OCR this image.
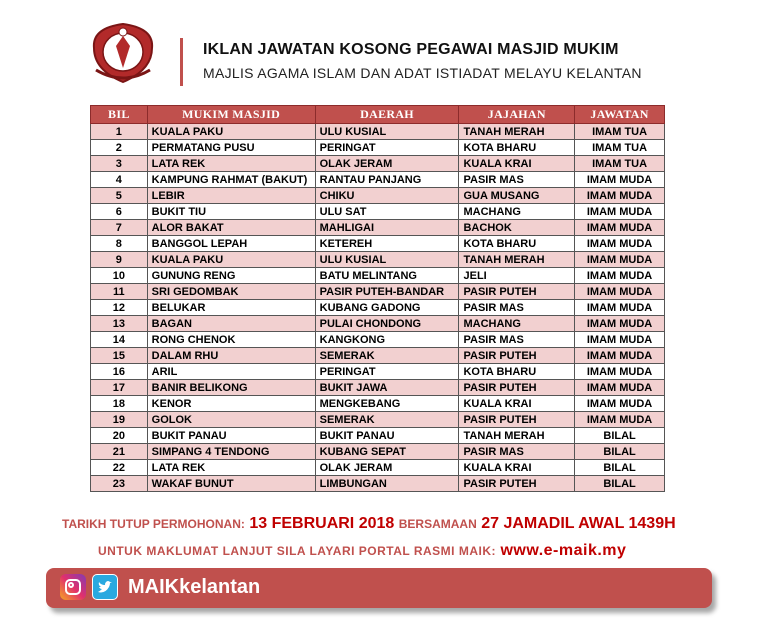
IKLAN JAWATAN KOSONG PEGAWAI MASJID MUKIM
MAJLIS AGAMA ISLAM DAN ADAT ISTIADAT MELAYU KELANTAN
BIL	MUKIM MASJID	DAERAH	JAJAHAN	JAWATAN
1	KUALA PAKU	ULU KUSIAL	TANAH MERAH	IMAM TUA
2	PERMATANG PUSU	PERINGAT	KOTA BHARU	IMAM TUA
3	LATA REK	OLAK JERAM	KUALA KRAI	IMAM TUA
4	KAMPUNG RAHMAT (BAKUT)	RANTAU PANJANG	PASIR MAS	IMAM MUDA
5	LEBIR	CHIKU	GUA MUSANG	IMAM MUDA
6	BUKIT TIU	ULU SAT	MACHANG	IMAM MUDA
7	ALOR BAKAT	MAHLIGAI	BACHOK	IMAM MUDA
8	BANGGOL LEPAH	KETEREH	KOTA BHARU	IMAM MUDA
9	KUALA PAKU	ULU KUSIAL	TANAH MERAH	IMAM MUDA
10	GUNUNG RENG	BATU MELINTANG	JELI	IMAM MUDA
11	SRI GEDOMBAK	PASIR PUTEH-BANDAR	PASIR PUTEH	IMAM MUDA
12	BELUKAR	KUBANG GADONG	PASIR MAS	IMAM MUDA
13	BAGAN	PULAI CHONDONG	MACHANG	IMAM MUDA
14	RONG CHENOK	KANGKONG	PASIR MAS	IMAM MUDA
15	DALAM RHU	SEMERAK	PASIR PUTEH	IMAM MUDA
16	ARIL	PERINGAT	KOTA BHARU	IMAM MUDA
17	BANIR BELIKONG	BUKIT JAWA	PASIR PUTEH	IMAM MUDA
18	KENOR	MENGKEBANG	KUALA KRAI	IMAM MUDA
19	GOLOK	SEMERAK	PASIR PUTEH	IMAM MUDA
20	BUKIT PANAU	BUKIT PANAU	TANAH MERAH	BILAL
21	SIMPANG 4 TENDONG	KUBANG SEPAT	PASIR MAS	BILAL
22	LATA REK	OLAK JERAM	KUALA KRAI	BILAL
23	WAKAF BUNUT	LIMBUNGAN	PASIR PUTEH	BILAL
TARIKH TUTUP PERMOHONAN: 13 FEBRUARI 2018 BERSAMAAN 27 JAMADIL AWAL 1439H
UNTUK MAKLUMAT LANJUT SILA LAYARI PORTAL RASMI MAIK: www.e-maik.my
MAIKkelantan
